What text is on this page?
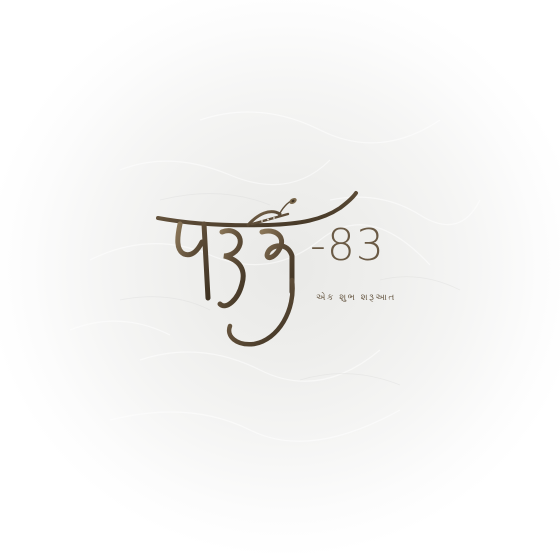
-83
એક શુભ શરૂઆત
